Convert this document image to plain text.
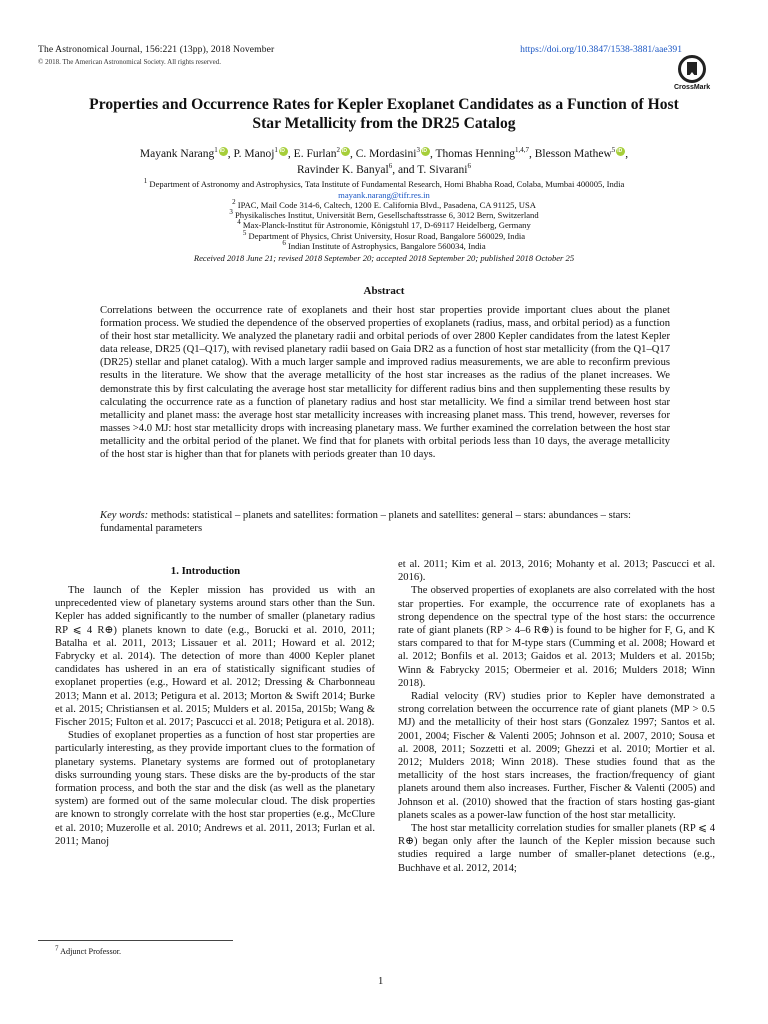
The Astronomical Journal, 156:221 (13pp), 2018 November
© 2018. The American Astronomical Society. All rights reserved.
https://doi.org/10.3847/1538-3881/aae391
CrossMark
Properties and Occurrence Rates for Kepler Exoplanet Candidates as a Function of Host
Star Metallicity from the DR25 Catalog
Mayank Narang$^1$ iD , P. Manoj$^1$ iD , E. Furlan$^2$ iD , C. Mordasini$^3$ iD , Thomas Henning$^{1,4,7}$, Blesson Mathew$^5$ iD ,
Ravinder K. Banyal$^6$, and T. Sivarani$^6$
$^1$ Department of Astronomy and Astrophysics, Tata Institute of Fundamental Research, Homi Bhabha Road, Colaba, Mumbai 400005, India
mayank.narang@tifr.res.in
$^2$ IPAC, Mail Code 314-6, Caltech, 1200 E. California Blvd., Pasadena, CA 91125, USA
$^3$ Physikalisches Institut, Universität Bern, Gesellschaftsstrasse 6, 3012 Bern, Switzerland
$^4$ Max-Planck-Institut für Astronomie, Königstuhl 17, D-69117 Heidelberg, Germany
$^5$ Department of Physics, Christ University, Hosur Road, Bangalore 560029, India
$^6$ Indian Institute of Astrophysics, Bangalore 560034, India
Received 2018 June 21; revised 2018 September 20; accepted 2018 September 20; published 2018 October 25
Abstract
Correlations between the occurrence rate of exoplanets and their host star properties provide important clues about the planet formation process. We studied the dependence of the observed properties of exoplanets (radius, mass, and orbital period) as a function of their host star metallicity. We analyzed the planetary radii and orbital periods of over 2800 Kepler candidates from the latest Kepler data release, DR25 (Q1–Q17), with revised planetary radii based on Gaia DR2 as a function of host star metallicity (from the Q1–Q17 (DR25) stellar and planet catalog). With a much larger sample and improved radius measurements, we are able to reconfirm previous results in the literature. We show that the average metallicity of the host star increases as the radius of the planet increases. We demonstrate this by first calculating the average host star metallicity for different radius bins and then supplementing these results by calculating the occurrence rate as a function of planetary radius and host star metallicity. We find a similar trend between host star metallicity and planet mass: the average host star metallicity increases with increasing planet mass. This trend, however, reverses for masses >4.0 MJ: host star metallicity drops with increasing planetary mass. We further examined the correlation between the host star metallicity and the orbital period of the planet. We find that for planets with orbital periods less than 10 days, the average metallicity of the host star is higher than that for planets with periods greater than 10 days.
Key words: methods: statistical – planets and satellites: formation – planets and satellites: general – stars: abundances – stars: fundamental parameters
1. Introduction

The launch of the Kepler mission has provided us with an unprecedented view of planetary systems around stars other than the Sun. Kepler has added significantly to the number of smaller (planetary radius RP ⩽ 4 R⊕) planets known to date (e.g., Borucki et al. 2010, 2011; Batalha et al. 2011, 2013; Lissauer et al. 2011; Howard et al. 2012; Fabrycky et al. 2014). The detection of more than 4000 Kepler planet candidates has ushered in an era of statistically significant studies of exoplanet properties (e.g., Howard et al. 2012; Dressing & Charbonneau 2013; Mann et al. 2013; Petigura et al. 2013; Morton & Swift 2014; Burke et al. 2015; Christiansen et al. 2015; Mulders et al. 2015a, 2015b; Wang & Fischer 2015; Fulton et al. 2017; Pascucci et al. 2018; Petigura et al. 2018).

Studies of exoplanet properties as a function of host star properties are particularly interesting, as they provide important clues to the formation of planetary systems. Planetary systems are formed out of protoplanetary disks surrounding young stars. These disks are the by-products of the star formation process, and both the star and the disk (as well as the planetary system) are formed out of the same molecular cloud. The disk properties are known to strongly correlate with the host star properties (e.g., McClure et al. 2010; Muzerolle et al. 2010; Andrews et al. 2011, 2013; Furlan et al. 2011; Manoj

et al. 2011; Kim et al. 2013, 2016; Mohanty et al. 2013; Pascucci et al. 2016).

The observed properties of exoplanets are also correlated with the host star properties. For example, the occurrence rate of exoplanets has a strong dependence on the spectral type of the host stars: the occurrence rate of giant planets (RP > 4–6 R⊕) is found to be higher for F, G, and K stars compared to that for M-type stars (Cumming et al. 2008; Howard et al. 2012; Bonfils et al. 2013; Gaidos et al. 2013; Mulders et al. 2015b; Winn & Fabrycky 2015; Obermeier et al. 2016; Mulders 2018; Winn 2018).

Radial velocity (RV) studies prior to Kepler have demonstrated a strong correlation between the occurrence rate of giant planets (MP > 0.5 MJ) and the metallicity of their host stars (Gonzalez 1997; Santos et al. 2001, 2004; Fischer & Valenti 2005; Johnson et al. 2007, 2010; Sousa et al. 2008, 2011; Sozzetti et al. 2009; Ghezzi et al. 2010; Mortier et al. 2012; Mulders 2018; Winn 2018). These studies found that as the metallicity of the host stars increases, the fraction/frequency of giant planets around them also increases. Further, Fischer & Valenti (2005) and Johnson et al. (2010) showed that the fraction of stars hosting gas-giant planets scales as a power-law function of the host star metallicity.

The host star metallicity correlation studies for smaller planets (RP ⩽ 4 R⊕) began only after the launch of the Kepler mission because such studies required a large number of smaller-planet detections (e.g., Buchhave et al. 2012, 2014;

$^7$ Adjunct Professor.
1
